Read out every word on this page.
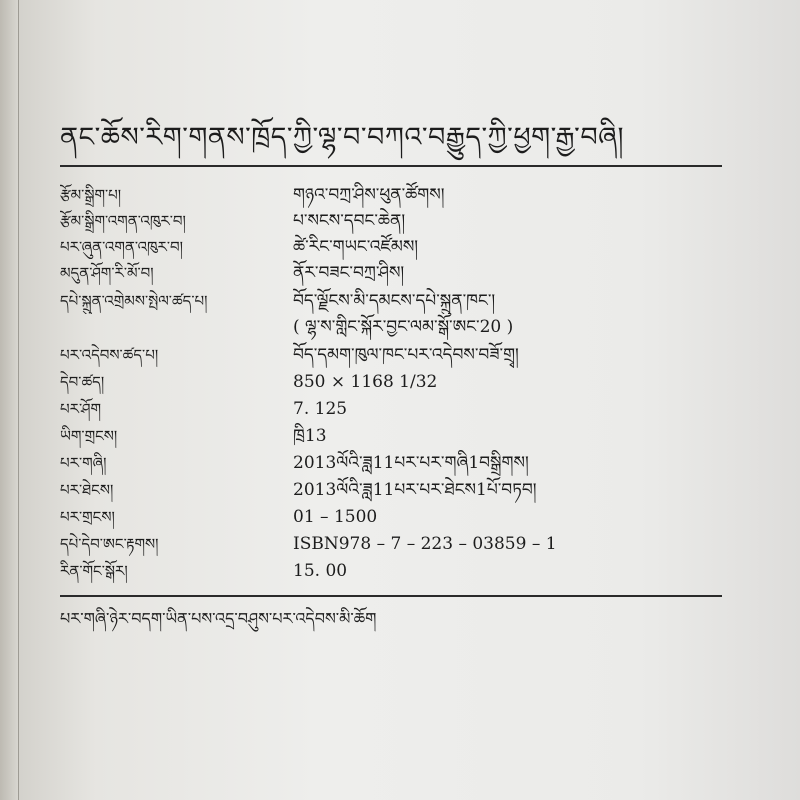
ནང་ཆོས་རིག་གནས་ཁྲོད་ཀྱི་ལྷ་བ་བཀའ་བརྒྱུད་ཀྱི་ཕྱག་རྒྱ་བཞི།
རྩོམ་སྒྲིག་པ།	གཉའ་བཀྲ་ཤིས་ཕུན་ཚོགས།
རྩོམ་སྒྲིག་འགན་འཁུར་བ།	པ་སངས་དབང་ཆེན།
པར་ཞུན་འགན་འཁུར་བ།	ཚེ་རིང་གཡང་འཛོམས།
མདུན་ཤོག་རི་མོ་བ།	ནོར་བཟང་བཀྲ་ཤིས།
དཔེ་སྐྲུན་འགྲེམས་སྤེལ་ཚད་པ།	བོད་ལྗོངས་མི་དམངས་དཔེ་སྐྲུན་ཁང་།
( ལྷ་ས་གླིང་སྐོར་བྱང་ལམ་སྒོ་ཨང་20 )
པར་འདེབས་ཚད་པ།	བོད་དམག་ཁུལ་ཁང་པར་འདེབས་བཟོ་གྲྭ།
དེབ་ཚད།	850 × 1168 1/32
པར་ཤོག	7. 125
ཡིག་གྲངས།	ཁྲི13
པར་གཞི།	2013ལོའི་ཟླ11པར་པར་གཞི1བསྒྲིགས།
པར་ཐེངས།	2013ལོའི་ཟླ11པར་པར་ཐེངས1པོ་བཏབ།
པར་གྲངས།	01 – 1500
དཔེ་དེབ་ཨང་རྟགས།	ISBN978 – 7 – 223 – 03859 – 1
རིན་གོང་སྒོར།	15. 00
པར་གཞི་ཉེར་བདག་ཡིན་པས་འདྲ་བཤུས་པར་འདེབས་མི་ཆོག
